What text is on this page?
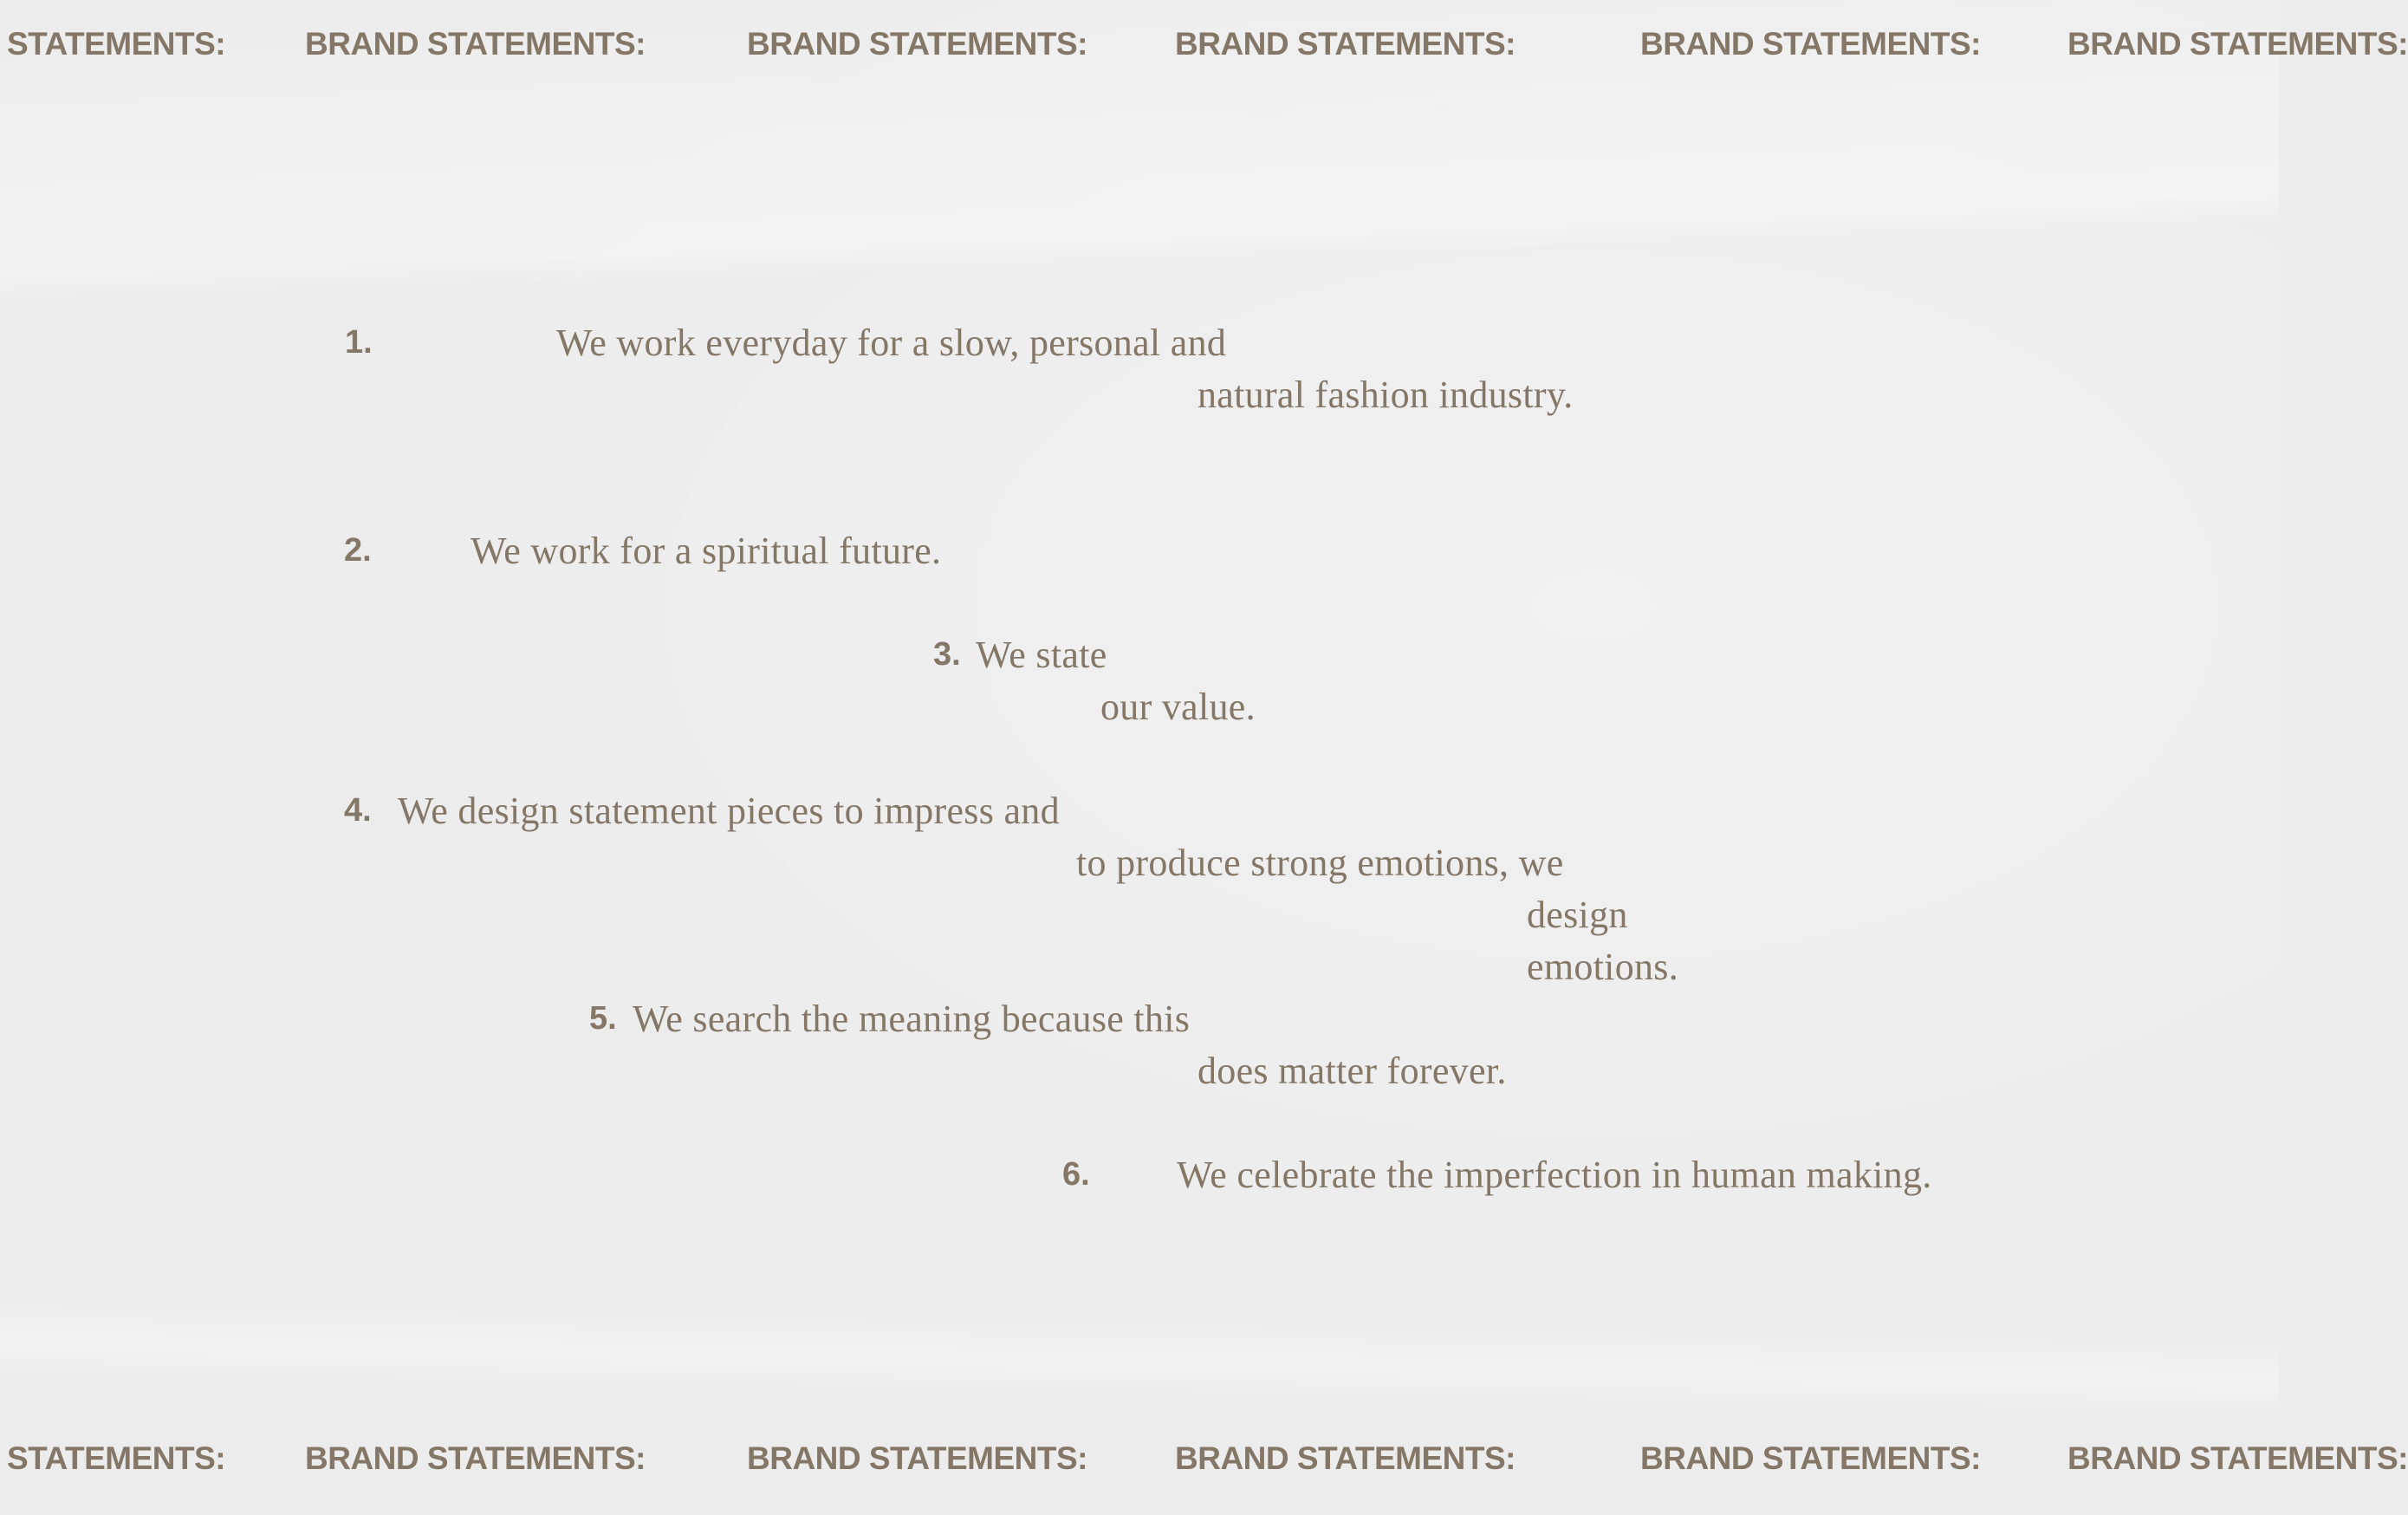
STATEMENTS: BRAND STATEMENTS:	BRAND STATEMENTS:	BRAND STATEMENTS:	BRAND STATEMENTS:	BRAND STATEMENTS:
1.	We work everyday for a slow, personal and
natural fashion industry.
2.	We work for a spiritual future.
3. We state
our value.
4. We design statement pieces to impress and
to produce strong emotions, we
design
emotions.
5. We search the meaning because this
does matter forever.
6. We celebrate the imperfection in human making.
STATEMENTS: BRAND STATEMENTS:	BRAND STATEMENTS:	BRAND STATEMENTS:	BRAND STATEMENTS:	BRAND STATEMENTS:
